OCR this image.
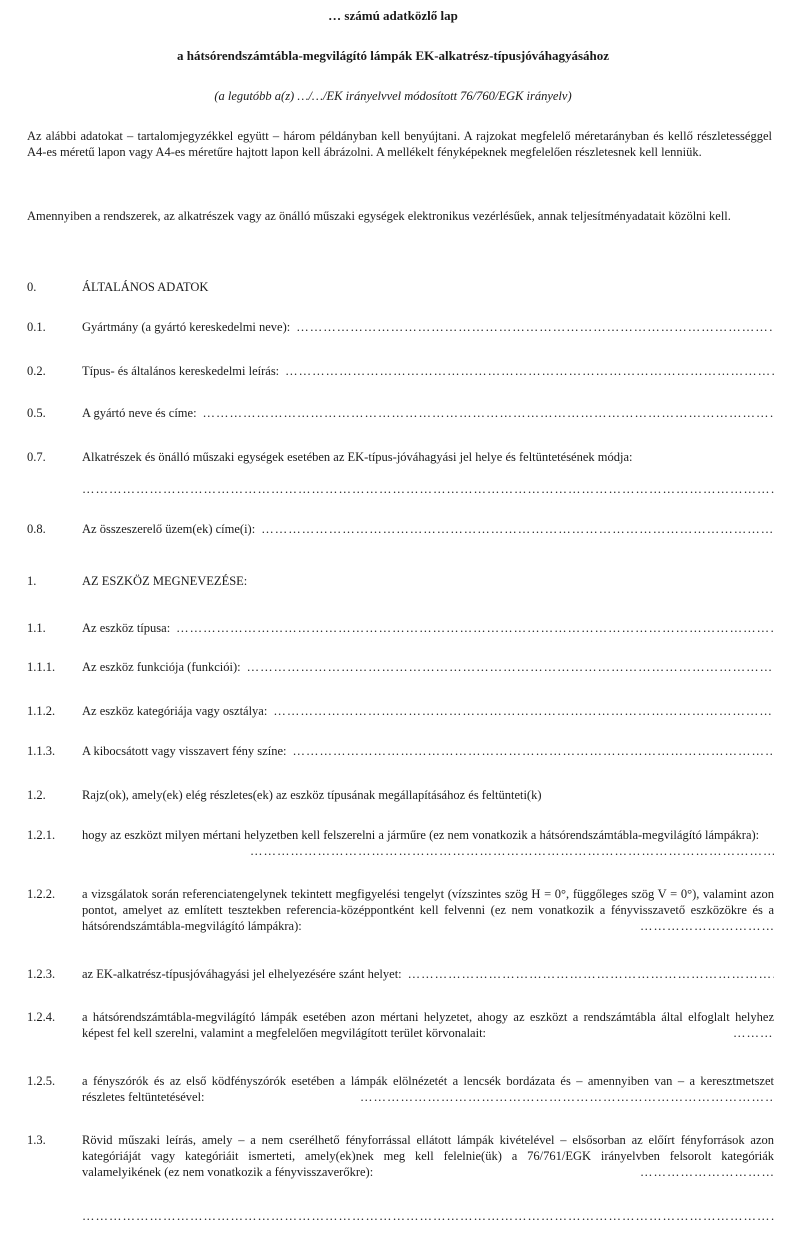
… számú adatközlő lap
a hátsórendszámtábla-megvilágító lámpák EK-alkatrész-típusjóváhagyásához
(a legutóbb a(z) …/…/EK irányelvvel módosított 76/760/EGK irányelv)
Az alábbi adatokat – tartalomjegyzékkel együtt – három példányban kell benyújtani. A rajzokat megfelelő méretarányban és kellő részletességgel A4-es méretű lapon vagy A4-es méretűre hajtott lapon kell ábrázolni. A mellékelt fényképeknek megfelelően részletesnek kell lenniük.
Amennyiben a rendszerek, az alkatrészek vagy az önálló műszaki egységek elektronikus vezérlésűek, annak teljesítményadatait közölni kell.
0.	ÁLTALÁNOS ADATOK
0.1.	Gyártmány (a gyártó kereskedelmi neve):
……………………………………………………………………………………………………………………………………………………………………………………………………………………………………………………
0.2.	Típus- és általános kereskedelmi leírás:
……………………………………………………………………………………………………………………………………………………………………………………………………………………………………………………
0.5.	A gyártó neve és címe:
……………………………………………………………………………………………………………………………………………………………………………………………………………………………………………………
0.7.	Alkatrészek és önálló műszaki egységek esetében az EK-típus-jóváhagyási jel helye és feltüntetésének módja:
……………………………………………………………………………………………………………………………………………………………………………………………………………………………………………………
0.8.	Az összeszerelő üzem(ek) címe(i):
……………………………………………………………………………………………………………………………………………………………………………………………………………………………………………………
1.	AZ ESZKÖZ MEGNEVEZÉSE:
1.1.	Az eszköz típusa:
……………………………………………………………………………………………………………………………………………………………………………………………………………………………………………………
1.1.1.	Az eszköz funkciója (funkciói):
……………………………………………………………………………………………………………………………………………………………………………………………………………………………………………………
1.1.2.	Az eszköz kategóriája vagy osztálya:
……………………………………………………………………………………………………………………………………………………………………………………………………………………………………………………
1.1.3.	A kibocsátott vagy visszavert fény színe:
……………………………………………………………………………………………………………………………………………………………………………………………………………………………………………………
1.2.	Rajz(ok), amely(ek) elég részletes(ek) az eszköz típusának megállapításához és feltünteti(k)
1.2.1.	hogy az eszközt milyen mértani helyzetben kell felszerelni a járműre (ez nem vonatkozik a hátsórendszámtábla-megvilágító lámpákra):
……………………………………………………………………………………………………………………………………………………………………………………………………………………………………………………
1.2.2.	a vizsgálatok során referenciatengelynek tekintett megfigyelési tengelyt (vízszintes szög H = 0°, függőleges szög V = 0°), valamint azon pontot, amelyet az említett tesztekben referencia-középpontként kell felvenni (ez nem vonatkozik a fényvisszavető eszközökre és a hátsórendszámtábla-megvilágító lámpákra):
……………………………………………………………………………………………………………………………………………………………………………………………………………………………………………………
1.2.3.	az EK-alkatrész-típusjóváhagyási jel elhelyezésére szánt helyet:
……………………………………………………………………………………………………………………………………………………………………………………………………………………………………………………
1.2.4.	a hátsórendszámtábla-megvilágító lámpák esetében azon mértani helyzetet, ahogy az eszközt a rendszámtábla által elfoglalt helyhez képest fel kell szerelni, valamint a megfelelően megvilágított terület körvonalait:
……………………………………………………………………………………………………………………………………………………………………………………………………………………………………………………
1.2.5.	a fényszórók és az első ködfényszórók esetében a lámpák elölnézetét a lencsék bordázata és – amennyiben van – a keresztmetszet részletes feltüntetésével:
……………………………………………………………………………………………………………………………………………………………………………………………………………………………………………………
1.3.	Rövid műszaki leírás, amely – a nem cserélhető fényforrással ellátott lámpák kivételével – elsősorban az előírt fényforrások azon kategóriáját vagy kategóriáit ismerteti, amely(ek)nek meg kell felelnie(ük) a 76/761/EGK irányelvben felsorolt kategóriák valamelyikének (ez nem vonatkozik a fényvisszaverőkre):
……………………………………………………………………………………………………………………………………………………………………………………………………………………………………………………
……………………………………………………………………………………………………………………………………………………………………………………………………………………………………………………
